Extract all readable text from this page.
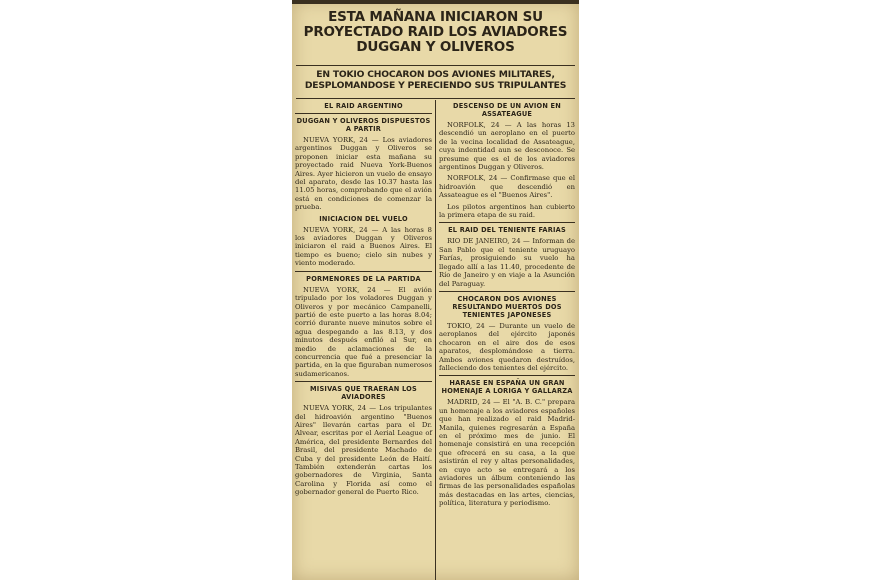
ESTA MAÑANA INICIARON SU PROYECTADO RAID LOS AVIADORES DUGGAN Y OLIVEROS
EN TOKIO CHOCARON DOS AVIONES MILITARES, DESPLOMANDOSE Y PERECIENDO SUS TRIPULANTES
EL RAID ARGENTINO
DUGGAN Y OLIVEROS DISPUESTOS A PARTIR

NUEVA YORK, 24 — Los aviadores argentinos Duggan y Oliveros se proponen iniciar esta mañana su proyectado raid Nueva York-Buenos Aires. Ayer hicieron un vuelo de ensayo del aparato, desde las 10.37 hasta las 11.05 horas, comprobando que el avión está en condiciones de comenzar la prueba.

INICIACION DEL VUELO

NUEVA YORK, 24 — A las horas 8 los aviadores Duggan y Oliveros iniciaron el raid a Buenos Aires. El tiempo es bueno; cielo sin nubes y viento moderado.

PORMENORES DE LA PARTIDA

NUEVA YORK, 24 — El avión tripulado por los voladores Duggan y Oliveros y por mecánico Campanelli, partió de este puerto a las horas 8.04; corrió durante nueve minutos sobre el agua despegando a las 8.13, y dos minutos después enfiló al Sur, en medio de aclamaciones de la concurrencia que fué a presenciar la partida, en la que figuraban numerosos sudamericanos.

MISIVAS QUE TRAERAN LOS AVIADORES

NUEVA YORK, 24 — Los tripulantes del hidroavión argentino "Buenos Aires" llevarán cartas para el Dr. Alvear, escritas por el Aerial League of América, del presidente Bernardes del Brasil, del presidente Machado de Cuba y del presidente León de Haití. También extenderán cartas los gobernadores de Virginia, Santa Carolina y Florida así como el gobernador general de Puerto Rico.

DESCENSO DE UN AVION EN ASSATEAGUE

NORFOLK, 24 — A las horas 13 descendió un aeroplano en el puerto de la vecina localidad de Assateague, cuya indentidad aun se desconoce. Se presume que es el de los aviadores argentinos Duggan y Oliveros.

NORFOLK, 24 — Confirmase que el hidroavión que descendió en Assateague es el "Buenos Aires".

Los pilotos argentinos han cubierto la primera etapa de su raid.

EL RAID DEL TENIENTE FARIAS

RIO DE JANEIRO, 24 — Informan de San Pablo que el teniente uruguayo Farías, prosiguiendo su vuelo ha llegado allí a las 11.40, procedente de Río de Janeiro y en viaje a la Asunción del Paraguay.

CHOCARON DOS AVIONES RESULTANDO MUERTOS DOS TENIENTES JAPONESES

TOKIO, 24 — Durante un vuelo de aeroplanos del ejército japonés chocaron en el aire dos de esos aparatos, desplomándose a tierra. Ambos aviones quedaron destruídos, falleciendo dos tenientes del ejército.

HARASE EN ESPAÑA UN GRAN HOMENAJE A LORIGA Y GALLARZA

MADRID, 24 — El "A. B. C." prepara un homenaje a los aviadores españoles que han realizado el raid Madrid-Manila, quienes regresarán a España en el próximo mes de junio. El homenaje consistirá en una recepción que ofrecerá en su casa, a la que asistirán el rey y altas personalidades, en cuyo acto se entregará a los aviadores un álbum conteniendo las firmas de las personalidades españolas más destacadas en las artes, ciencias, política, literatura y periodismo.
